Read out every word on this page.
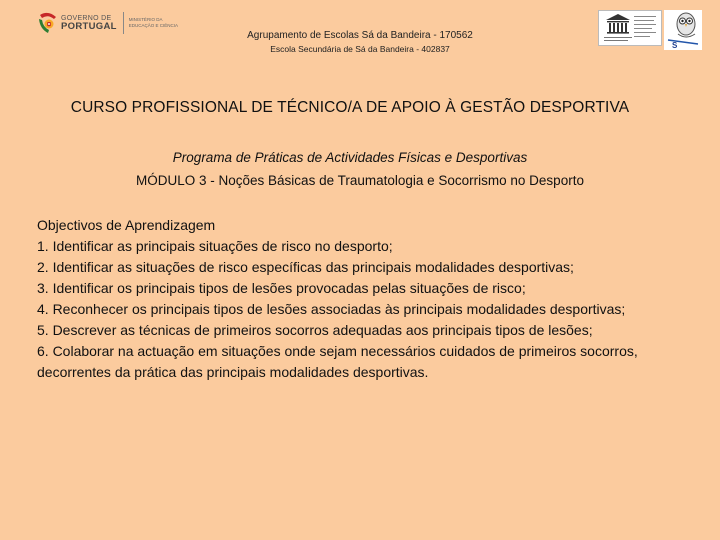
GOVERNO DE
PORTUGAL
MINISTÉRIO DA EDUCAÇÃO E CIÊNCIA
Agrupamento de Escolas Sá da Bandeira - 170562
Escola Secundária de Sá da Bandeira - 402837	S
CURSO PROFISSIONAL DE TÉCNICO/A DE APOIO À GESTÃO DESPORTIVA
Programa de Práticas de Actividades Físicas e Desportivas
MÓDULO 3 - Noções Básicas de Traumatologia e Socorrismo no Desporto

Objectivos de Aprendizagem

1. Identificar as principais situações de risco no desporto;

2. Identificar as situações de risco específicas das principais modalidades desportivas;

3. Identificar os principais tipos de lesões provocadas pelas situações de risco;

4. Reconhecer os principais tipos de lesões associadas às principais modalidades desportivas;

5. Descrever as técnicas de primeiros socorros adequadas aos principais tipos de lesões;

6. Colaborar na actuação em situações onde sejam necessários cuidados de primeiros socorros, decorrentes da prática das principais modalidades desportivas.
